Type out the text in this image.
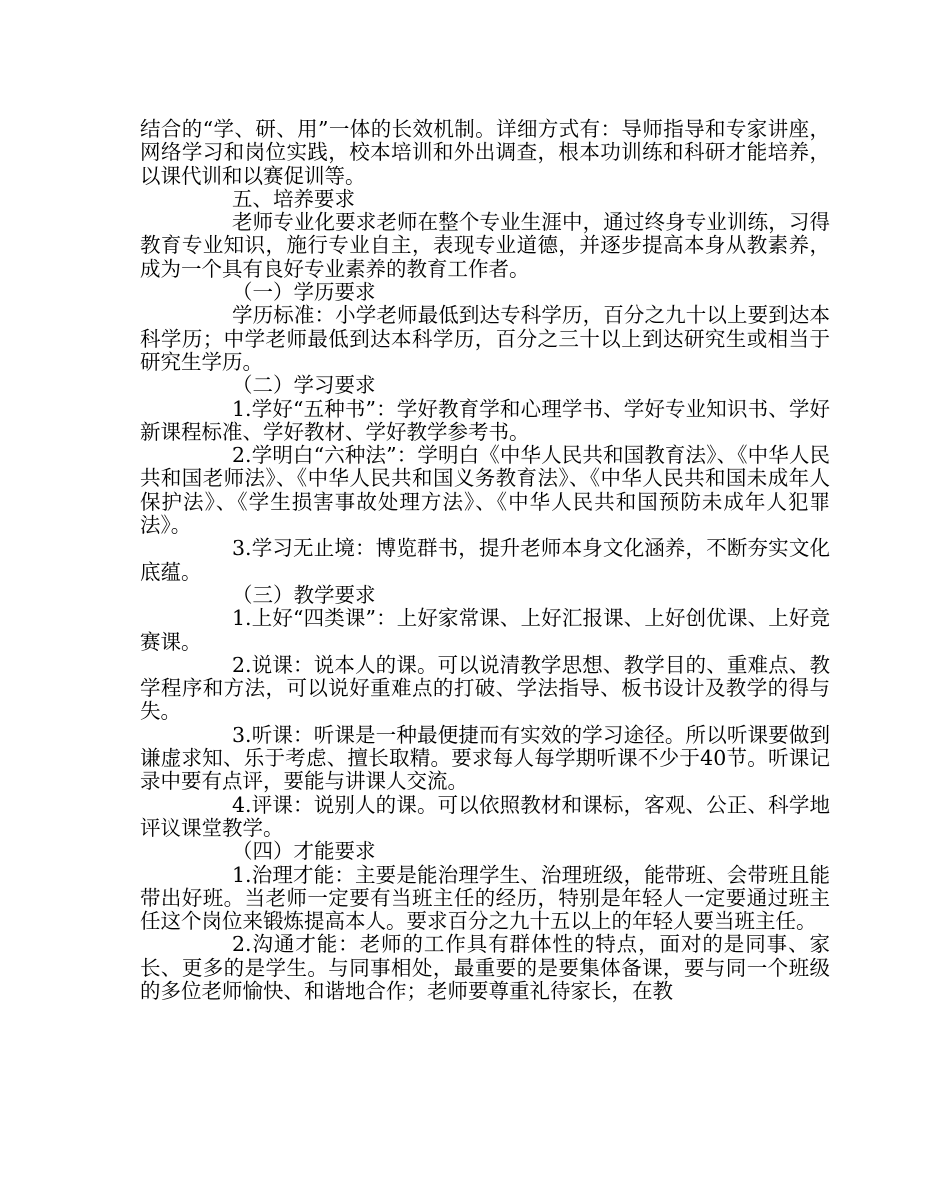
结合的“学、研、用”一体的长效机制。详细方式有：导师指导和专家讲座，网络学习和岗位实践，校本培训和外出调查，根本功训练和科研才能培养，以课代训和以赛促训等。

五、培养要求

老师专业化要求老师在整个专业生涯中，通过终身专业训练，习得教育专业知识，施行专业自主，表现专业道德，并逐步提高本身从教素养，成为一个具有良好专业素养的教育工作者。

（一）学历要求

学历标准：小学老师最低到达专科学历，百分之九十以上要到达本科学历；中学老师最低到达本科学历，百分之三十以上到达研究生或相当于研究生学历。

（二）学习要求

1.学好“五种书”：学好教育学和心理学书、学好专业知识书、学好新课程标准、学好教材、学好教学参考书。

2.学明白“六种法”：学明白《中华人民共和国教育法》、《中华人民共和国老师法》、《中华人民共和国义务教育法》、《中华人民共和国未成年人保护法》、《学生损害事故处理方法》、《中华人民共和国预防未成年人犯罪法》。

3.学习无止境：博览群书，提升老师本身文化涵养，不断夯实文化底蕴。

（三）教学要求

1.上好“四类课”：上好家常课、上好汇报课、上好创优课、上好竞赛课。

2.说课：说本人的课。可以说清教学思想、教学目的、重难点、教学程序和方法，可以说好重难点的打破、学法指导、板书设计及教学的得与失。

3.听课：听课是一种最便捷而有实效的学习途径。所以听课要做到谦虚求知、乐于考虑、擅长取精。要求每人每学期听课不少于40节。听课记录中要有点评，要能与讲课人交流。

4.评课：说别人的课。可以依照教材和课标，客观、公正、科学地评议课堂教学。

（四）才能要求

1.治理才能：主要是能治理学生、治理班级，能带班、会带班且能带出好班。当老师一定要有当班主任的经历，特别是年轻人一定要通过班主任这个岗位来锻炼提高本人。要求百分之九十五以上的年轻人要当班主任。

2.沟通才能：老师的工作具有群体性的特点，面对的是同事、家长、更多的是学生。与同事相处，最重要的是要集体备课，要与同一个班级的多位老师愉快、和谐地合作；老师要尊重礼待家长，在教
